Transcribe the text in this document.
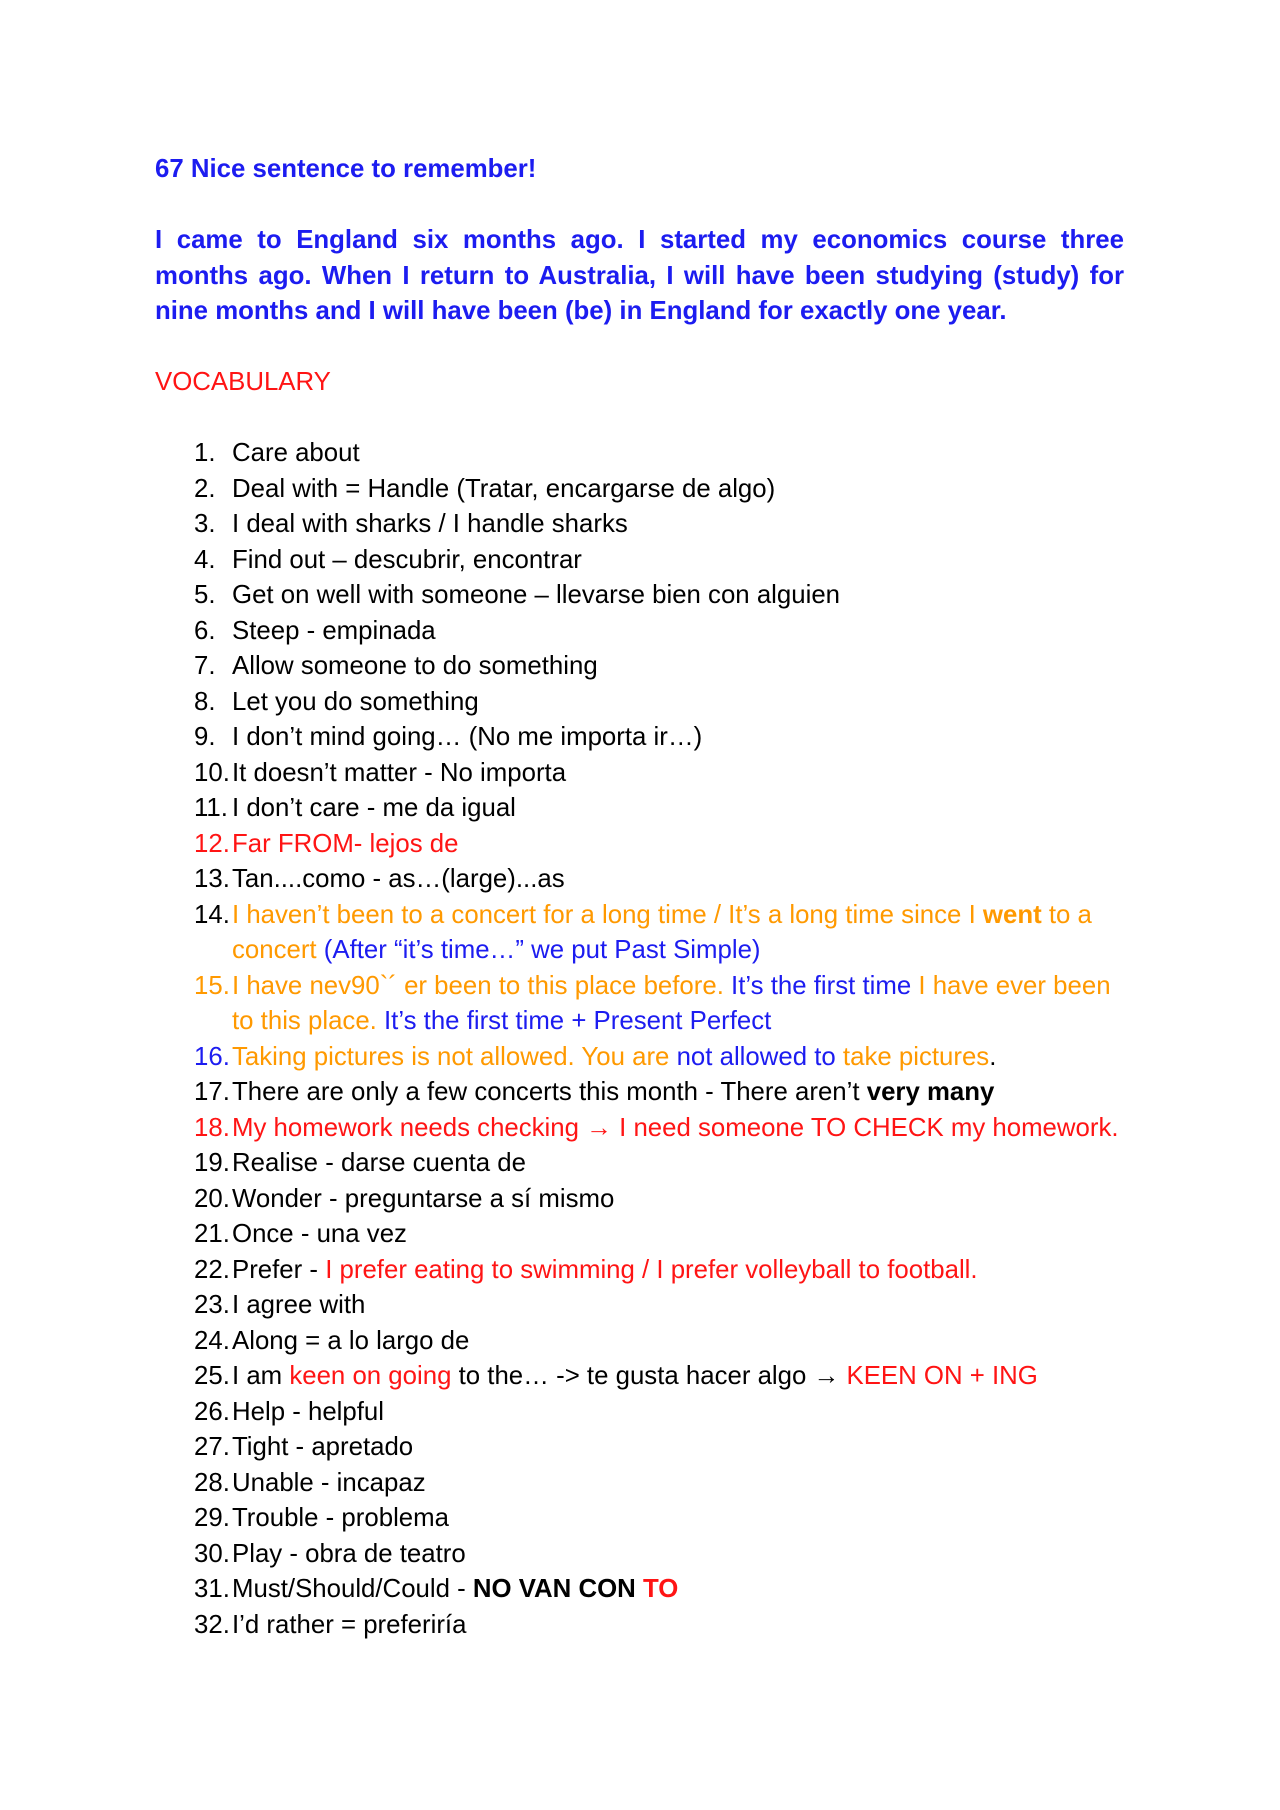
67 Nice sentence to remember!

I came to England six months ago. I started my economics course three months ago. When I return to Australia, I will have been studying (study) for nine months and I will have been (be) in England for exactly one year.

VOCABULARY
1. Care about
2. Deal with = Handle (Tratar, encargarse de algo)
3. I deal with sharks / I handle sharks
4. Find out – descubrir, encontrar
5. Get on well with someone – llevarse bien con alguien
6. Steep - empinada
7. Allow someone to do something
8. Let you do something
9. I don’t mind going… (No me importa ir…)
10. It doesn’t matter - No importa
11. I don’t care - me da igual
12. Far FROM- lejos de
13. Tan....como - as…(large)...as
14. I haven’t been to a concert for a long time / It’s a long time since I went to a concert (After “it’s time…” we put Past Simple)
15. I have nev90`´ er been to this place before. It’s the first time I have ever been to this place. It’s the first time + Present Perfect
16. Taking pictures is not allowed. You are not allowed to take pictures.
17. There are only a few concerts this month - There aren’t very many
18. My homework needs checking → I need someone TO CHECK my homework.
19. Realise - darse cuenta de
20. Wonder - preguntarse a sí mismo
21. Once - una vez
22. Prefer - I prefer eating to swimming / I prefer volleyball to football.
23. I agree with
24. Along = a lo largo de
25. I am keen on going to the… -> te gusta hacer algo → KEEN ON + ING
26. Help - helpful
27. Tight - apretado
28. Unable - incapaz
29. Trouble - problema
30. Play - obra de teatro
31. Must/Should/Could - NO VAN CON TO
32. I’d rather = preferiría
